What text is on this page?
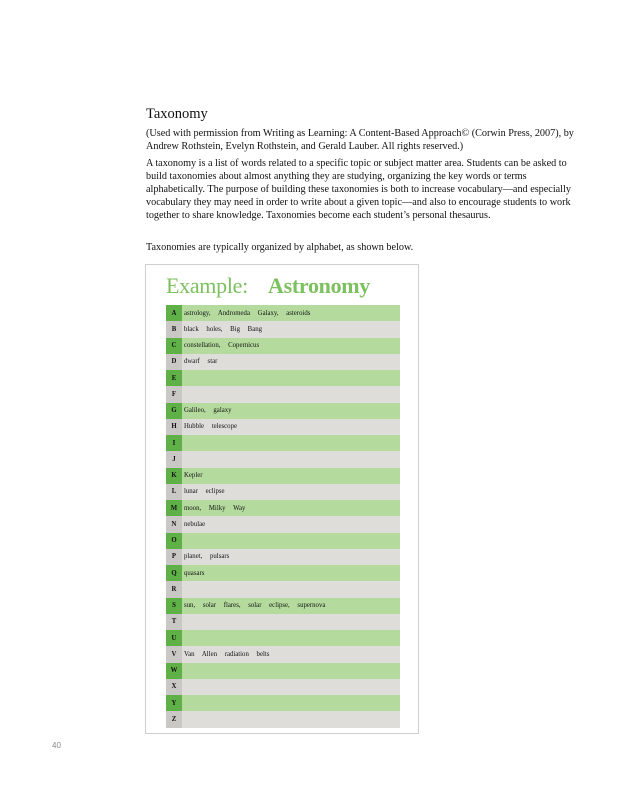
Taxonomy

(Used with permission from Writing as Learning: A Content-Based Approach© (Corwin Press, 2007), by Andrew Rothstein, Evelyn Rothstein, and Gerald Lauber. All rights reserved.)

A taxonomy is a list of words related to a specific topic or subject matter area. Students can be asked to build taxonomies about almost anything they are studying, organizing the key words or terms alphabetically. The purpose of building these taxonomies is both to increase vocabulary—and especially vocabulary they may need in order to write about a given topic—and also to encourage students to work together to share knowledge. Taxonomies become each student’s personal thesaurus.

Taxonomies are typically organized by alphabet, as shown below.

Example: Astronomy
A	astrology, Andromeda Galaxy, asteroids
B	black holes, Big Bang
C	constellation, Copernicus
D	dwarf star
E
F
G	Galileo, galaxy
H	Hubble telescope
I
J
K	Kepler
L	lunar eclipse
M moon, Milky Way
N	nebulae
O
P	planet, pulsars
Q	quasars
R
S	sun, solar flares, solar eclipse, supernova
T
U
V	Van Allen radiation belts
W
X
Y
Z
40
